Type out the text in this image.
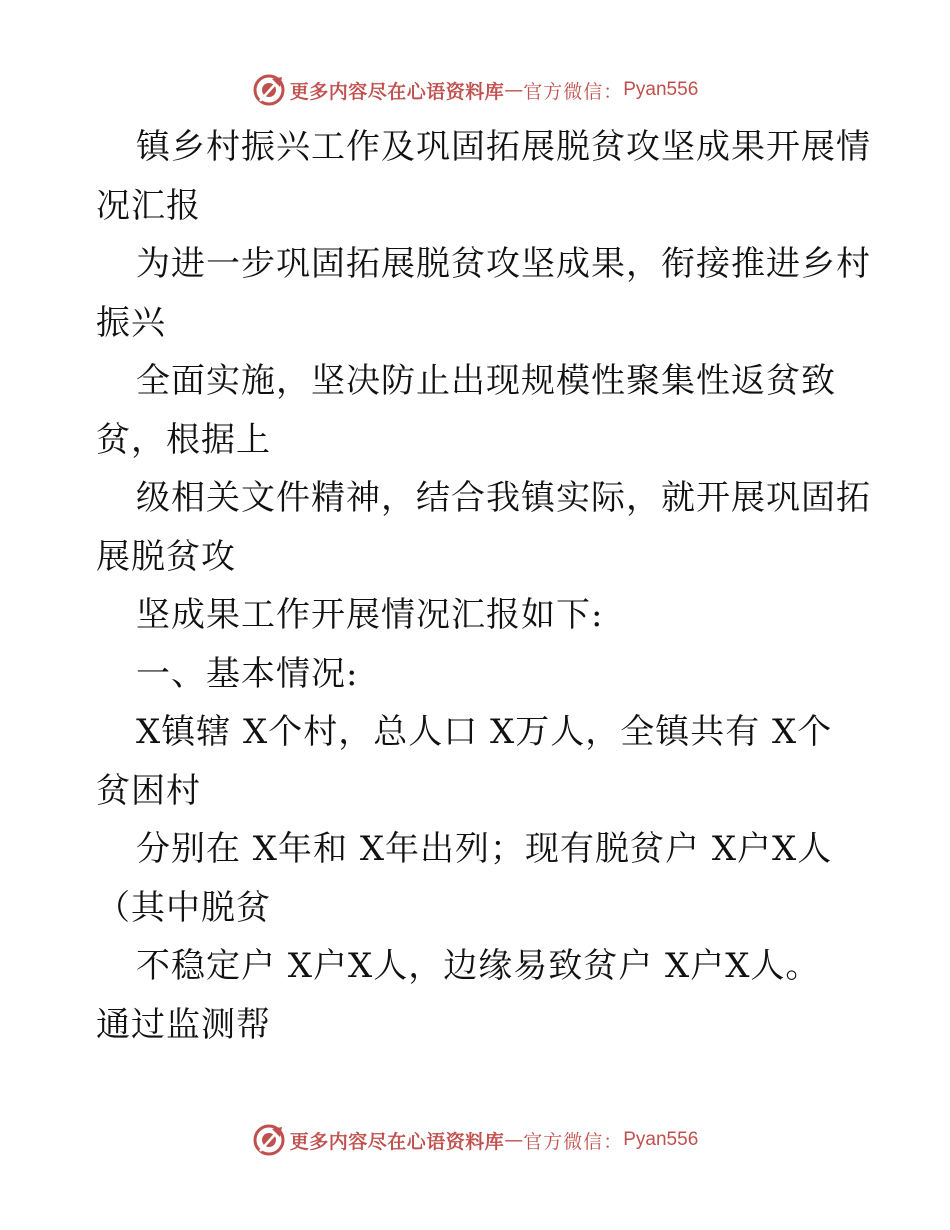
更多内容尽在心语资料库 — 官方微信： Pyan556
镇乡村振兴工作及巩固拓展脱贫攻坚成果开展情
况汇报
为进一步巩固拓展脱贫攻坚成果，衔接推进乡村
振兴
全面实施，坚决防止出现规模性聚集性返贫致
贫，根据上
级相关文件精神，结合我镇实际，就开展巩固拓
展脱贫攻
坚成果工作开展情况汇报如下:
一、基本情况:
X镇辖 X个村，总人口 X万人，全镇共有 X个
贫困村
分别在 X年和 X年出列；现有脱贫户 X户X人
（其中脱贫
不稳定户 X户X人，边缘易致贫户 X户X人。
通过监测帮
更多内容尽在心语资料库 — 官方微信： Pyan556
